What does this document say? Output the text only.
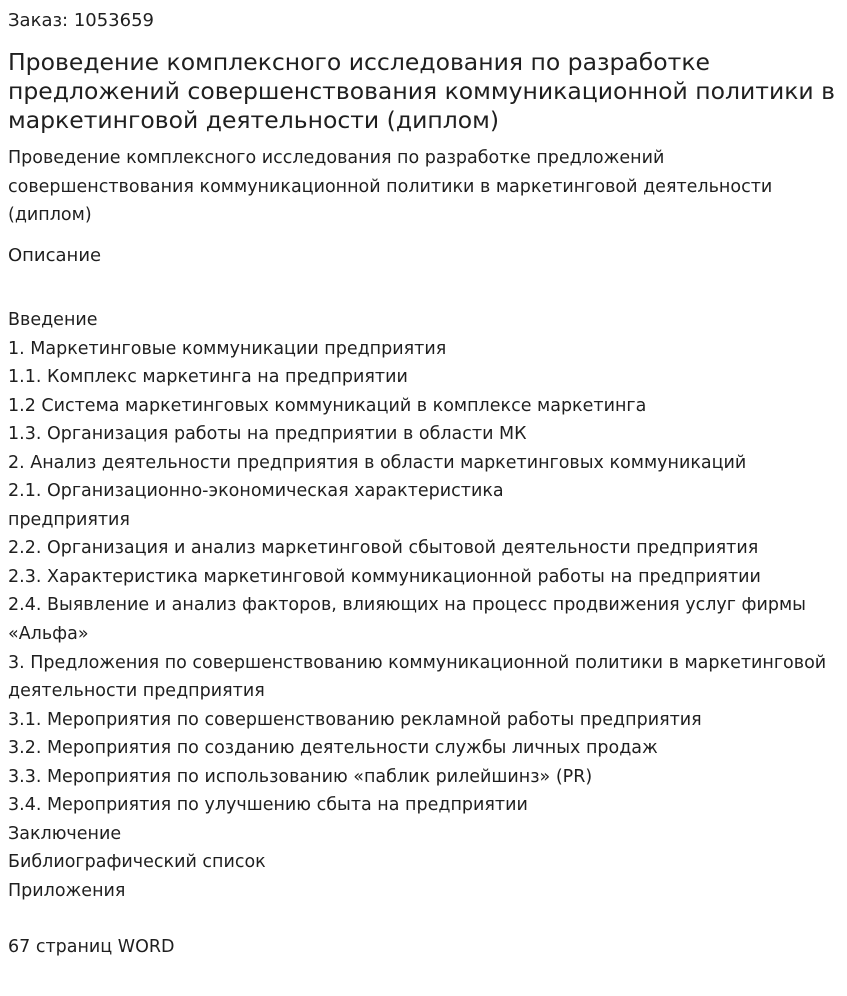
Заказ: 1053659

Проведение комплексного исследования по разработке предложений совершенствования коммуникационной политики в маркетинговой деятельности (диплом)

Проведение комплексного исследования по разработке предложений совершенствования коммуникационной политики в маркетинговой деятельности (диплом)

Описание

Введение
1. Маркетинговые коммуникации предприятия
1.1. Комплекс маркетинга на предприятии
1.2 Система маркетинговых коммуникаций в комплексе маркетинга
1.3. Организация работы на предприятии в области МК
2. Анализ деятельности предприятия в области маркетинговых коммуникаций
2.1. Организационно-экономическая характеристика
предприятия
2.2. Организация и анализ маркетинговой сбытовой деятельности предприятия
2.3. Характеристика маркетинговой коммуникационной работы на предприятии
2.4. Выявление и анализ факторов, влияющих на процесс продвижения услуг фирмы «Альфа»
3. Предложения по совершенствованию коммуникационной политики в маркетинговой деятельности предприятия
3.1. Мероприятия по совершенствованию рекламной работы предприятия
3.2. Мероприятия по созданию деятельности службы личных продаж
3.3. Мероприятия по использованию «паблик рилейшинз» (PR)
3.4. Мероприятия по улучшению сбыта на предприятии
Заключение
Библиографический список
Приложения

67 страниц WORD
